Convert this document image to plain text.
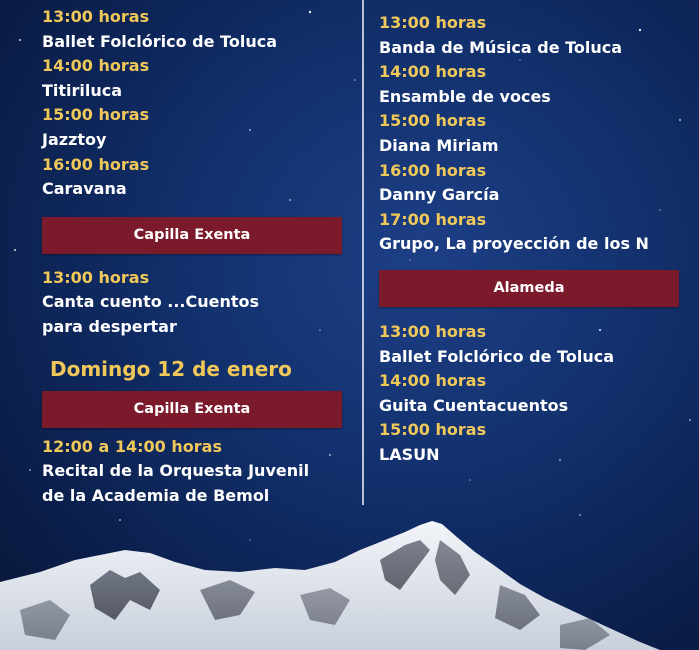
13:00 horas
Ballet Folclórico de Toluca
14:00 horas
Titiriluca
15:00 horas
Jazztoy
16:00 horas
Caravana
Capilla Exenta
13:00 horas
Canta cuento ...Cuentos
para despertar
Domingo 12 de enero
Capilla Exenta
12:00 a 14:00 horas
Recital de la Orquesta Juvenil
de la Academia de Bemol
13:00 horas
Banda de Música de Toluca
14:00 horas
Ensamble de voces
15:00 horas
Diana Miriam
16:00 horas
Danny García
17:00 horas
Grupo, La proyección de los N
Alameda
13:00 horas
Ballet Folclórico de Toluca
14:00 horas
Guita Cuentacuentos
15:00 horas
LASUN
